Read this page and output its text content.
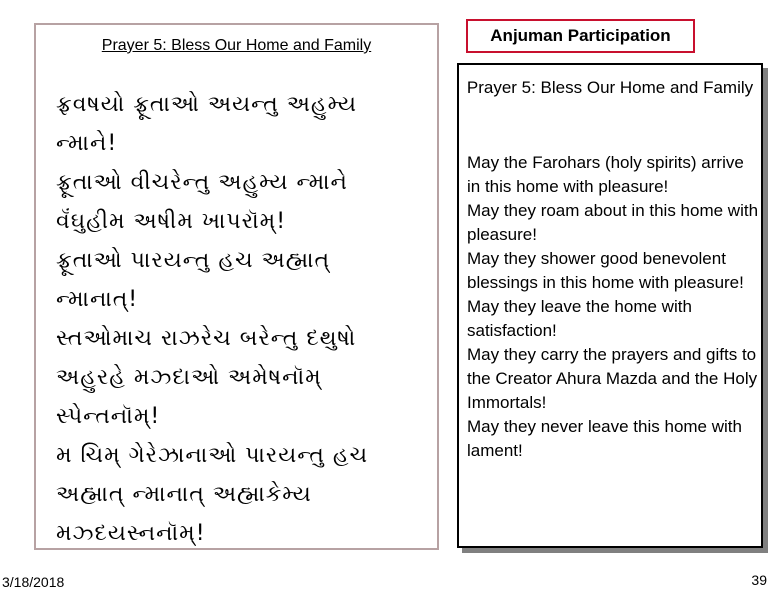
Prayer 5: Bless Our Home and Family
ફ્રવષયો ફ્રૂતાઓ અયન્તુ અહુમ્ય
ન્માને!
ફ્રૂતાઓ વીચરેન્તુ અહુમ્ય ન્માને
વૅંઘુહીમ અષીમ ખાપરૉમ્!
ફ્રૂતાઓ પારયન્તુ હચ અહ્માત્
ન્માનાત્!
સ્તઓમાચ રાઝરેચ બરેન્તુ દથુષો
અહુરહે મઝ્દાઓ અમેષનૉમ્
સ્પેન્તનૉમ્!
મ ચિમ્ ગેરેઝાનાઓ પારયન્તુ હચ
અહ્માત્ ન્માનાત્ અહ્માકેમ્ય
મઝ્દયસ્નનૉમ્!
Anjuman Participation
Prayer 5: Bless Our Home and Family

May the Farohars (holy spirits) arrive in this home with pleasure!

May they roam about in this home with pleasure!

May they shower good benevolent blessings in this home with pleasure!

May they leave the home with satisfaction!

May they carry the prayers and gifts to the Creator Ahura Mazda and the Holy Immortals!

May they never leave this home with lament!

3/18/2018	39
